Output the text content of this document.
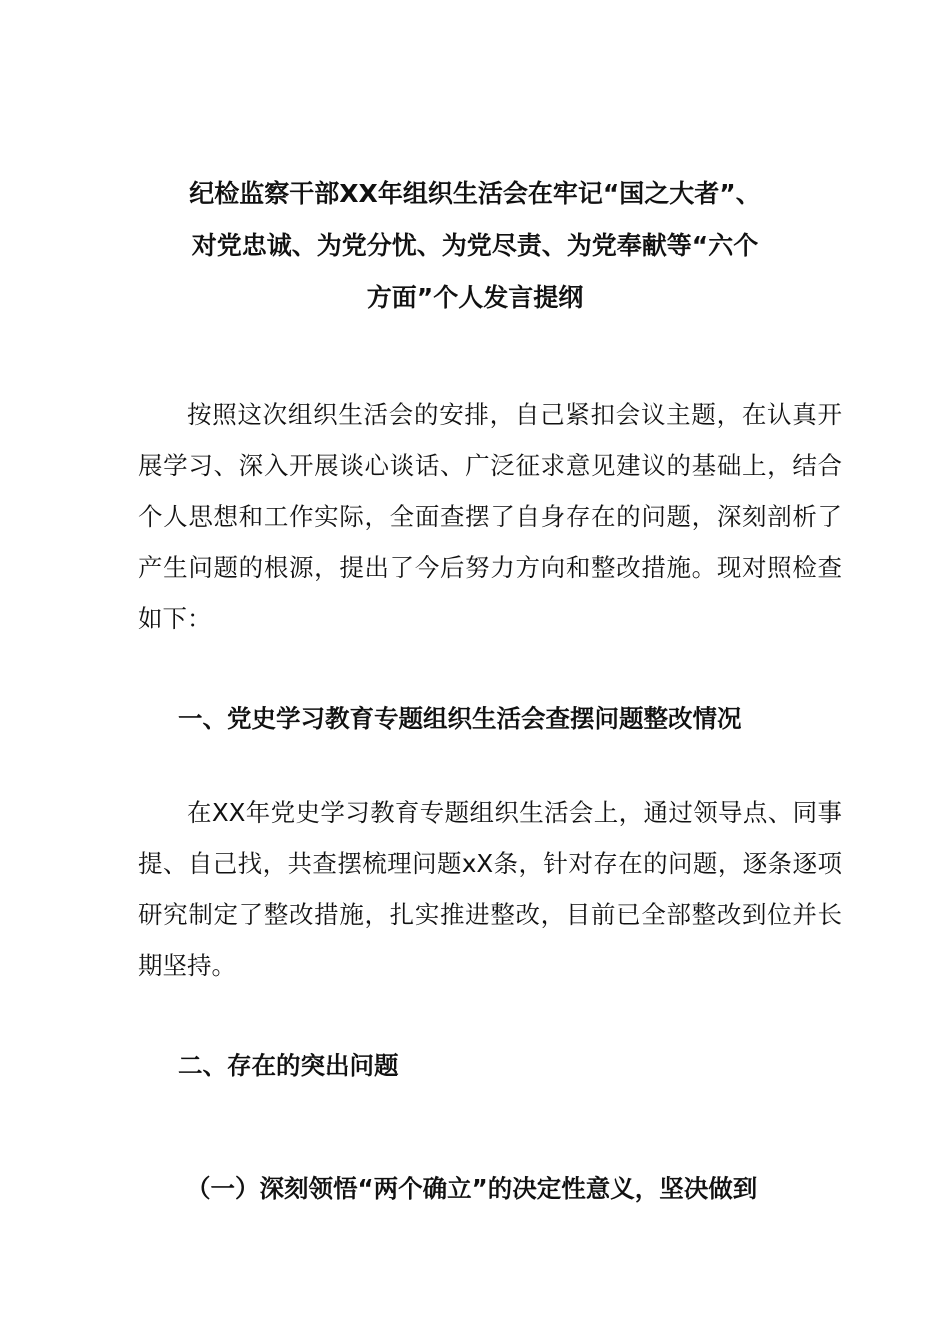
纪检监察干部XX年组织生活会在牢记“国之大者”、
对党忠诚、为党分忧、为党尽责、为党奉献等“六个
方面”个人发言提纲
按照这次组织生活会的安排，自己紧扣会议主题，在认真开展学习、深入开展谈心谈话、广泛征求意见建议的基础上，结合个人思想和工作实际，全面查摆了自身存在的问题，深刻剖析了产生问题的根源，提出了今后努力方向和整改措施。现对照检查如下：
一、党史学习教育专题组织生活会查摆问题整改情况
在XX年党史学习教育专题组织生活会上，通过领导点、同事提、自己找，共查摆梳理问题xX条，针对存在的问题，逐条逐项研究制定了整改措施，扎实推进整改，目前已全部整改到位并长期坚持。
二、存在的突出问题
（一）深刻领悟“两个确立”的决定性意义，坚决做到
